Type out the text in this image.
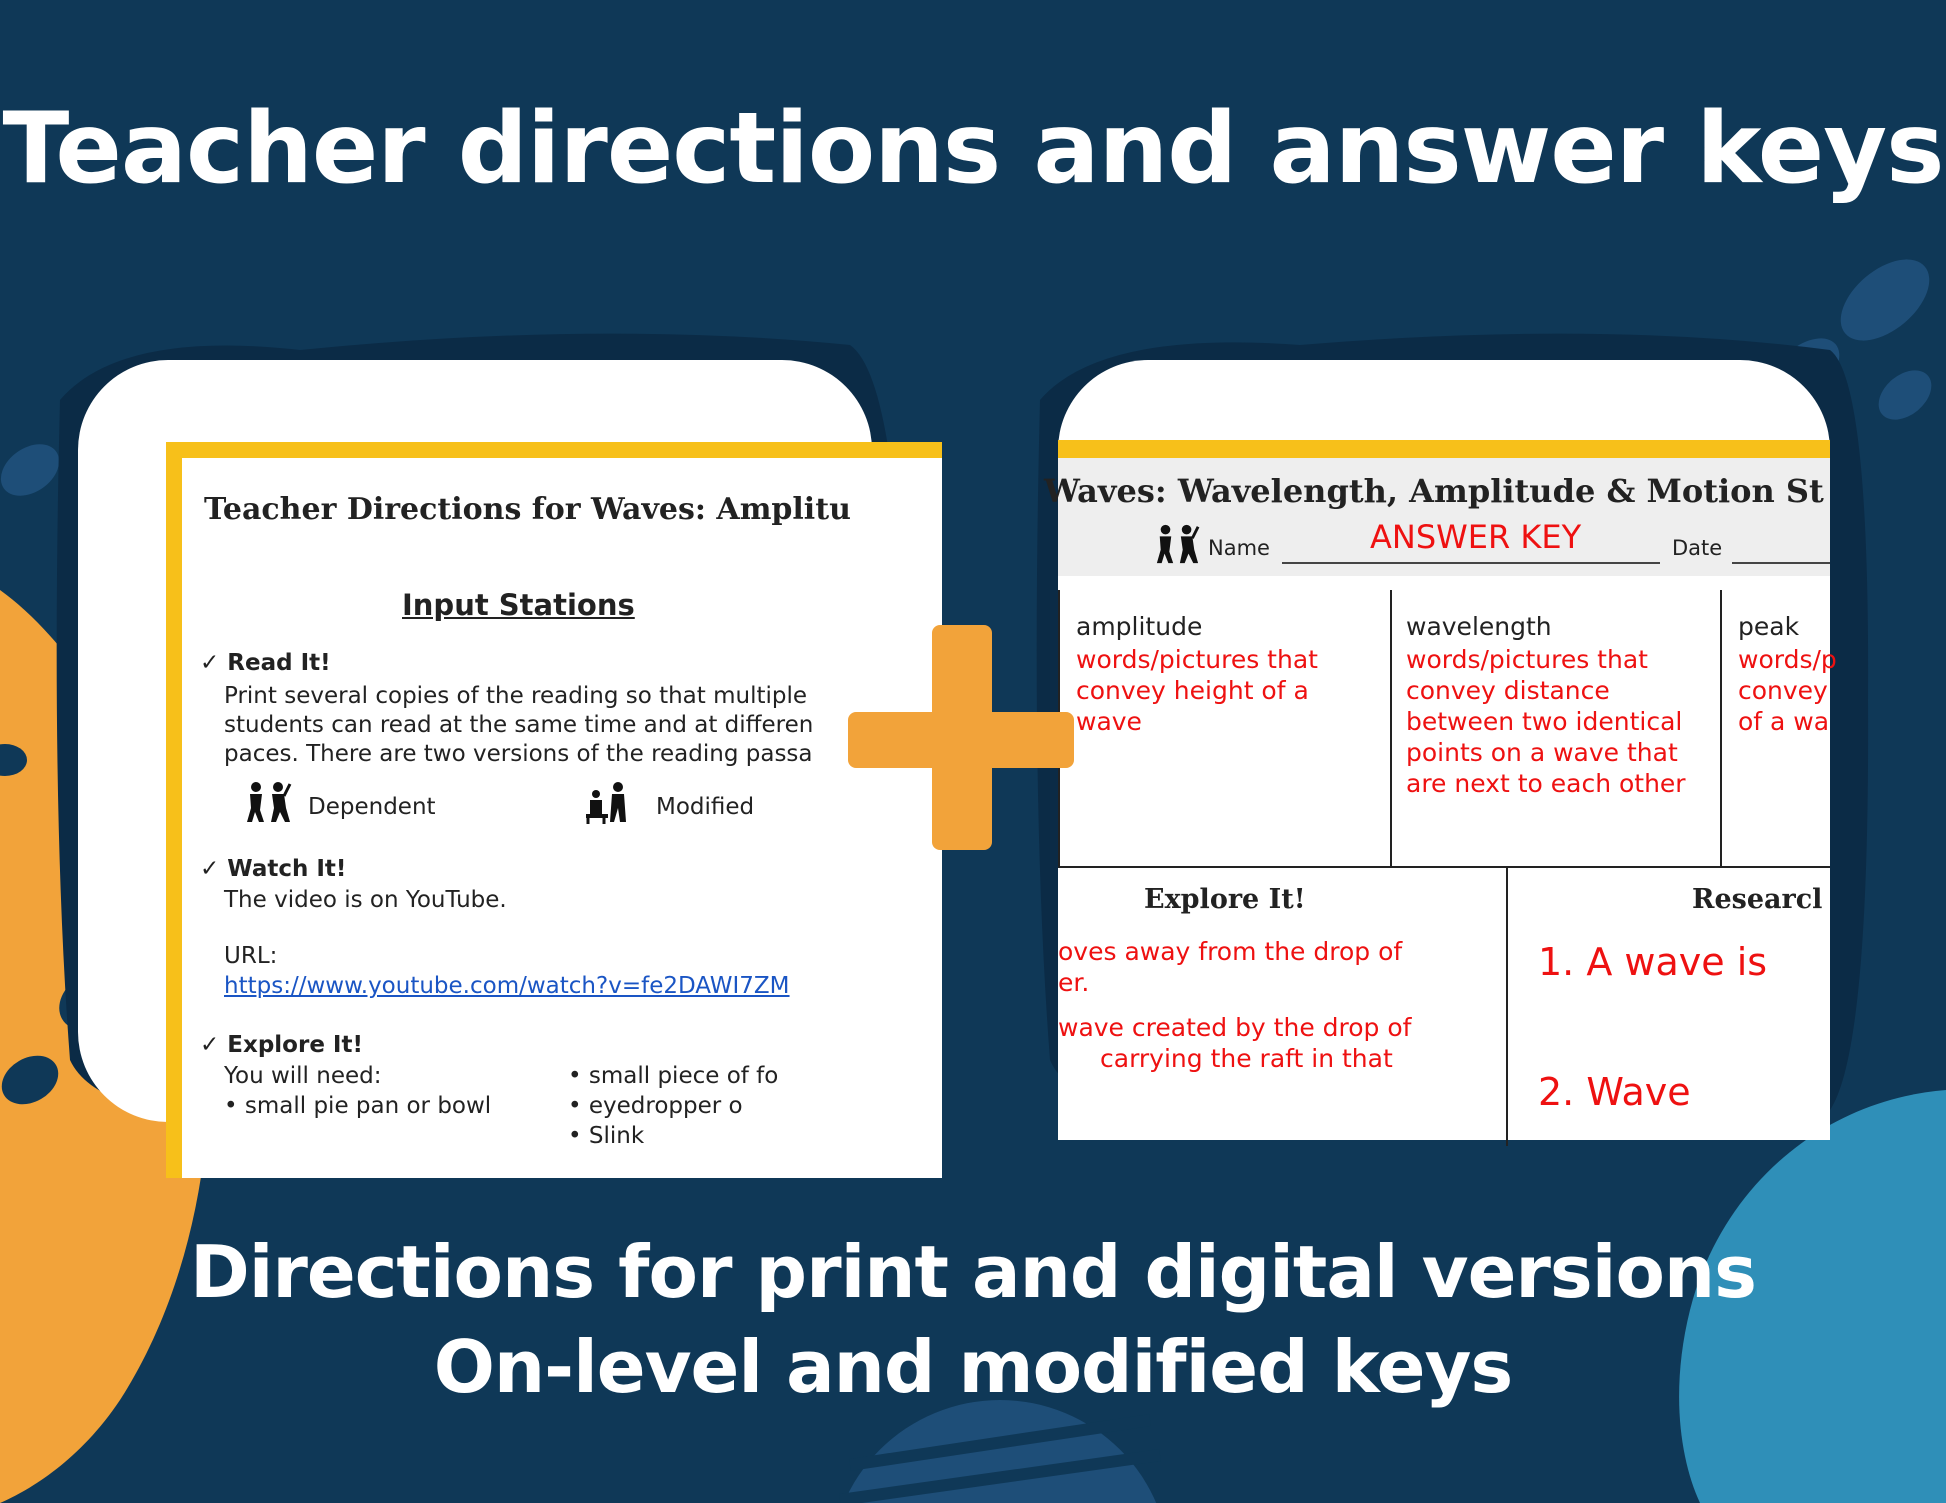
Teacher directions and answer keys
Teacher Directions for Waves: Amplitu
Input Stations
✓ Read It!
Print several copies of the reading so that multiple
students can read at the same time and at differen
paces. There are two versions of the reading passa
Dependent	Modified
✓ Watch It!
The video is on YouTube.
URL:
https://www.youtube.com/watch?v=fe2DAWI7ZM
✓ Explore It!
You will need:
• small pie pan or bowl
• small piece of fo
• eyedropper o
• Slink
Waves: Wavelength, Amplitude & Motion St
Name	ANSWER KEY	Date
amplitude
words/pictures that
convey height of a
wave
wavelength
words/pictures that
convey distance
between two identical
points on a wave that
are next to each other
peak
words/p
convey
of a wa
Explore It!
oves away from the drop of
er.
wave created by the drop of
carrying the raft in that
Researcl
1. A wave is
2. Wave
Directions for print and digital versions
On-level and modified keys
